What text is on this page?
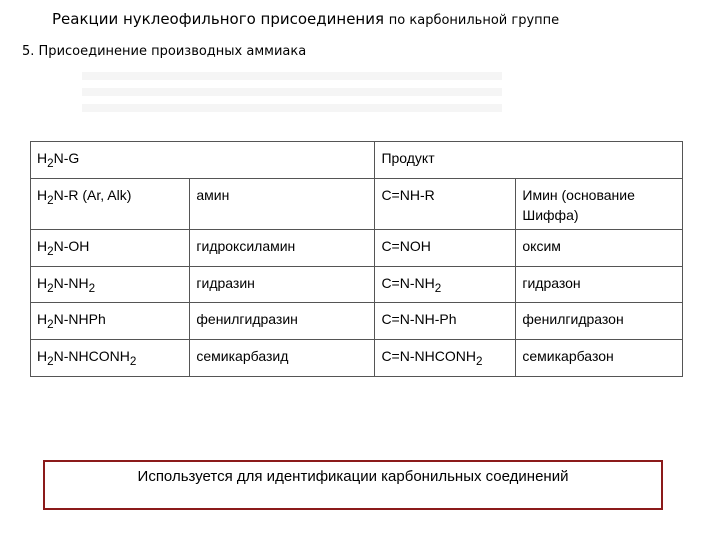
Реакции нуклеофильного присоединения по карбонильной группе
5. Присоединение производных аммиака
$H_2N-G$		Продукт	
$H_2N-R$ (Ar, Alk)	амин	C=NH-R	Имин (основание Шиффа)
$H_2N-OH$	гидроксиламин	C=NOH	оксим
$H_2N-NH_2$	гидразин	$C=N-NH_2$	гидразон
$H_2N$-NHPh	фенилгидразин	C=N-NH-Ph	фенилгидразон
$H_2N-NHCONH_2$	семикарбазид	$C=N-NHCONH_2$	семикарбазон
Используется для идентификации карбонильных соединений
